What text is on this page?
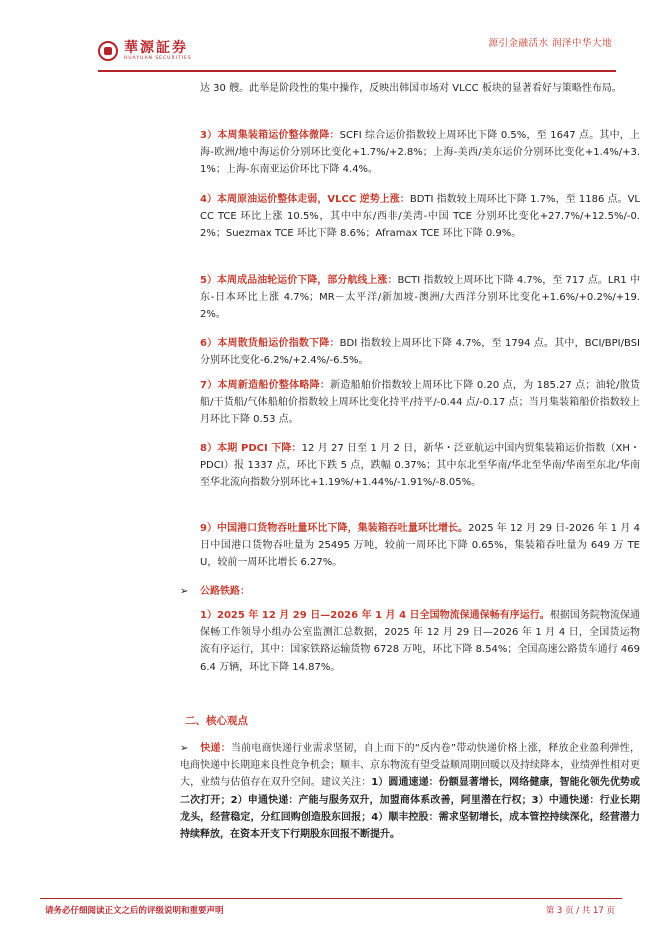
華源証券
HUAYUAN SECURITIES
源引金融活水 润泽中华大地

达 30 艘。此举是阶段性的集中操作，反映出韩国市场对 VLCC 板块的显著看好与策略性布局。

3）本周集装箱运价整体微降：SCFI 综合运价指数较上周环比下降 0.5%，至 1647 点。其中，上海-欧洲/地中海运价分别环比变化+1.7%/+2.8%；上海-美西/美东运价分别环比变化+1.4%/+3.1%；上海-东南亚运价环比下降 4.4%。

4）本周原油运价整体走弱，VLCC 逆势上涨：BDTI 指数较上周环比下降 1.7%，至 1186 点。VLCC TCE 环比上涨 10.5%，其中中东/西非/美湾-中国 TCE 分别环比变化+27.7%/+12.5%/-0.2%；Suezmax TCE 环比下降 8.6%；Aframax TCE 环比下降 0.9%。

5）本周成品油轮运价下降，部分航线上涨：BCTI 指数较上周环比下降 4.7%，至 717 点。LR1 中东-日本环比上涨 4.7%；MR－太平洋/新加坡-澳洲/大西洋分别环比变化+1.6%/+0.2%/+19.2%。

6）本周散货船运价指数下降：BDI 指数较上周环比下降 4.7%，至 1794 点。其中，BCI/BPI/BSI 分别环比变化-6.2%/+2.4%/-6.5%。

7）本周新造船价整体略降：新造船舶价指数较上周环比下降 0.20 点，为 185.27 点；油轮/散货船/干货船/气体船舶价指数较上周环比变化持平/持平/-0.44 点/-0.17 点；当月集装箱船价指数较上月环比下降 0.53 点。

8）本期 PDCI 下降：12 月 27 日至 1 月 2 日，新华・泛亚航运中国内贸集装箱运价指数（XH・PDCI）报 1337 点，环比下跌 5 点，跌幅 0.37%；其中东北至华南/华北至华南/华南至东北/华南至华北流向指数分别环比+1.19%/+1.44%/-1.91%/-8.05%。

9）中国港口货物吞吐量环比下降，集装箱吞吐量环比增长。2025 年 12 月 29 日-2026 年 1 月 4 日中国港口货物吞吐量为 25495 万吨，较前一周环比下降 0.65%，集装箱吞吐量为 649 万 TEU，较前一周环比增长 6.27%。

➢ 公路铁路：

1）2025 年 12 月 29 日—2026 年 1 月 4 日全国物流保通保畅有序运行。根据国务院物流保通保畅工作领导小组办公室监测汇总数据，2025 年 12 月 29 日—2026 年 1 月 4 日，全国货运物流有序运行，其中：国家铁路运输货物 6728 万吨，环比下降 8.54%；全国高速公路货车通行 4696.4 万辆，环比下降 14.87%。

二、核心观点
➢ 快递：当前电商快递行业需求坚韧，自上而下的“反内卷”带动快递价格上涨，释放企业盈利弹性，电商快递中长期迎来良性竞争机会；顺丰、京东物流有望受益顺周期回暖以及持续降本，业绩弹性相对更大，业绩与估值存在双升空间。建议关注：1）圆通速递：份额显著增长，网络健康，智能化领先优势或二次打开；2）申通快递：产能与服务双升，加盟商体系改善，阿里潜在行权；3）中通快递：行业长期龙头，经营稳定，分红回购创造股东回报；4）顺丰控股：需求坚韧增长，成本管控持续深化，经营潜力持续释放，在资本开支下行期股东回报不断提升。
请务必仔细阅读正文之后的评级说明和重要声明	第 3 页 / 共 17 页
